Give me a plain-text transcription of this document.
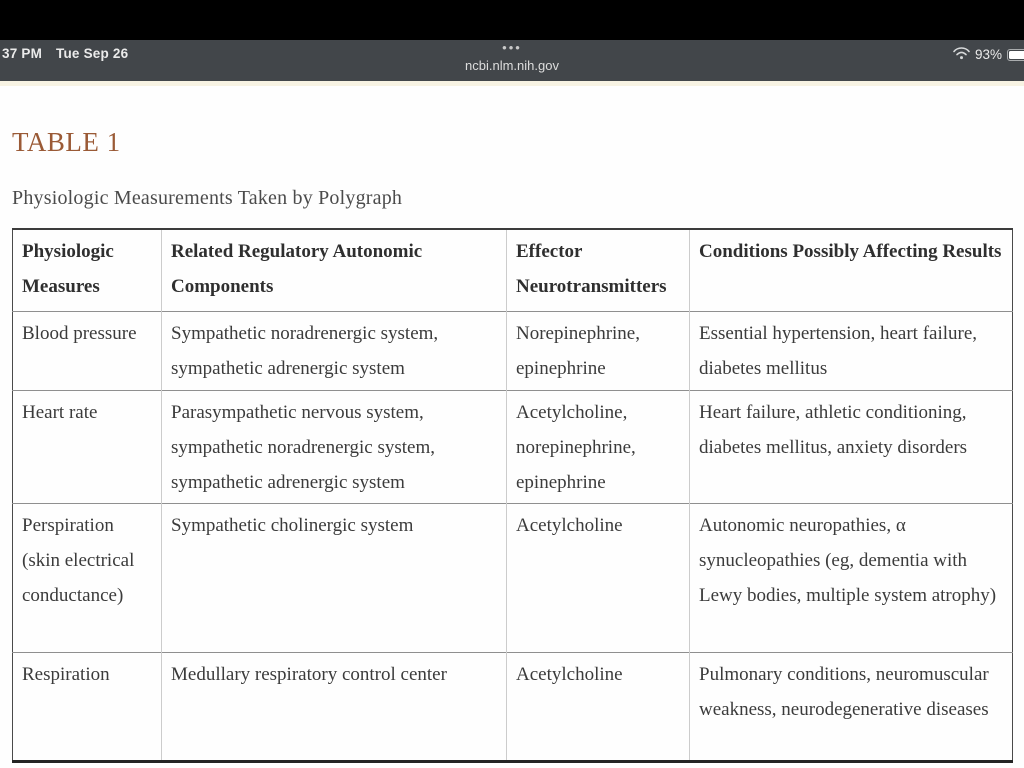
37 PM Tue Sep 26	•••
ncbi.nlm.nih.gov
93%
TABLE 1
Physiologic Measurements Taken by Polygraph
Physiologic Measures	Related Regulatory Autonomic Components	Effector Neurotransmitters	Conditions Possibly Affecting Results
Blood pressure	Sympathetic noradrenergic system, sympathetic adrenergic system	Norepinephrine, epinephrine	Essential hypertension, heart failure, diabetes mellitus
Heart rate	Parasympathetic nervous system, sympathetic noradrenergic system, sympathetic adrenergic system	Acetylcholine, norepinephrine, epinephrine	Heart failure, athletic conditioning, diabetes mellitus, anxiety disorders
Perspiration (skin electrical conductance)	Sympathetic cholinergic system	Acetylcholine	Autonomic neuropathies, α synucleopathies (eg, dementia with Lewy bodies, multiple system atrophy)
Respiration	Medullary respiratory control center	Acetylcholine	Pulmonary conditions, neuromuscular weakness, neurodegenerative diseases
